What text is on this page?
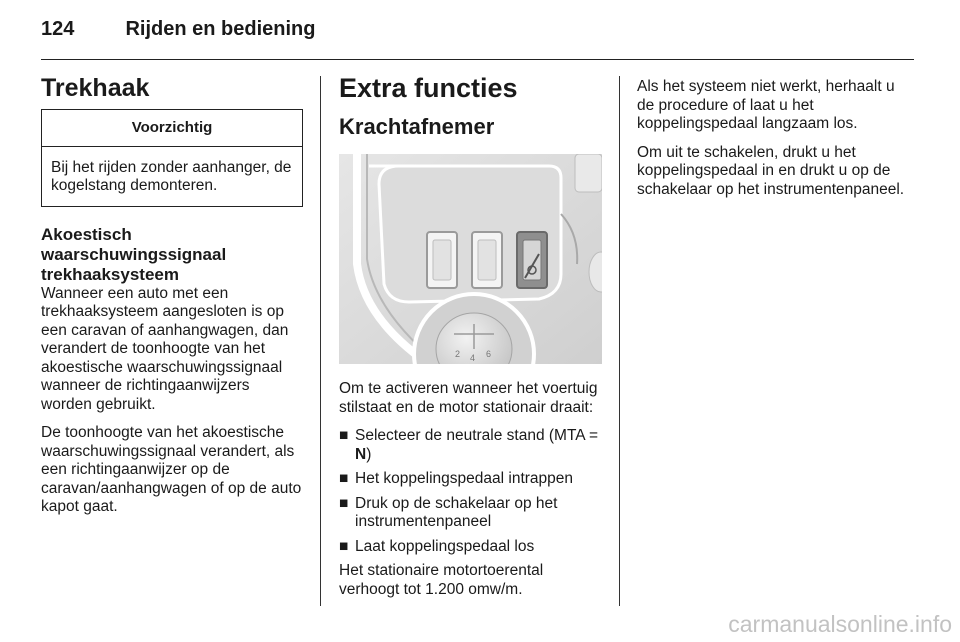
124	Rijden en bediening
Trekhaak
Voorzichtig
Bij het rijden zonder aanhanger, de kogelstang demonteren.
Akoestisch
waarschuwingssignaal
trekhaaksysteem

Wanneer een auto met een trekhaaksysteem aangesloten is op een caravan of aanhangwagen, dan verandert de toonhoogte van het akoestische waarschuwingssignaal wanneer de richtingaanwijzers worden gebruikt.

De toonhoogte van het akoestische waarschuwingssignaal verandert, als een richtingaanwijzer op de caravan/aanhangwagen of op de auto kapot gaat.

Extra functies
Krachtafnemer
2 4 6

Om te activeren wanneer het voertuig stilstaat en de motor stationair draait:

■ Selecteer de neutrale stand (MTA = N)
■ Het koppelingspedaal intrappen
■ Druk op de schakelaar op het instrumentenpaneel
■ Laat koppelingspedaal los

Het stationaire motortoerental verhoogt tot 1.200 omw/m.

Als het systeem niet werkt, herhaalt u de procedure of laat u het koppelingspedaal langzaam los.

Om uit te schakelen, drukt u het koppelingspedaal in en drukt u op de schakelaar op het instrumentenpaneel.

carmanualsonline.info
